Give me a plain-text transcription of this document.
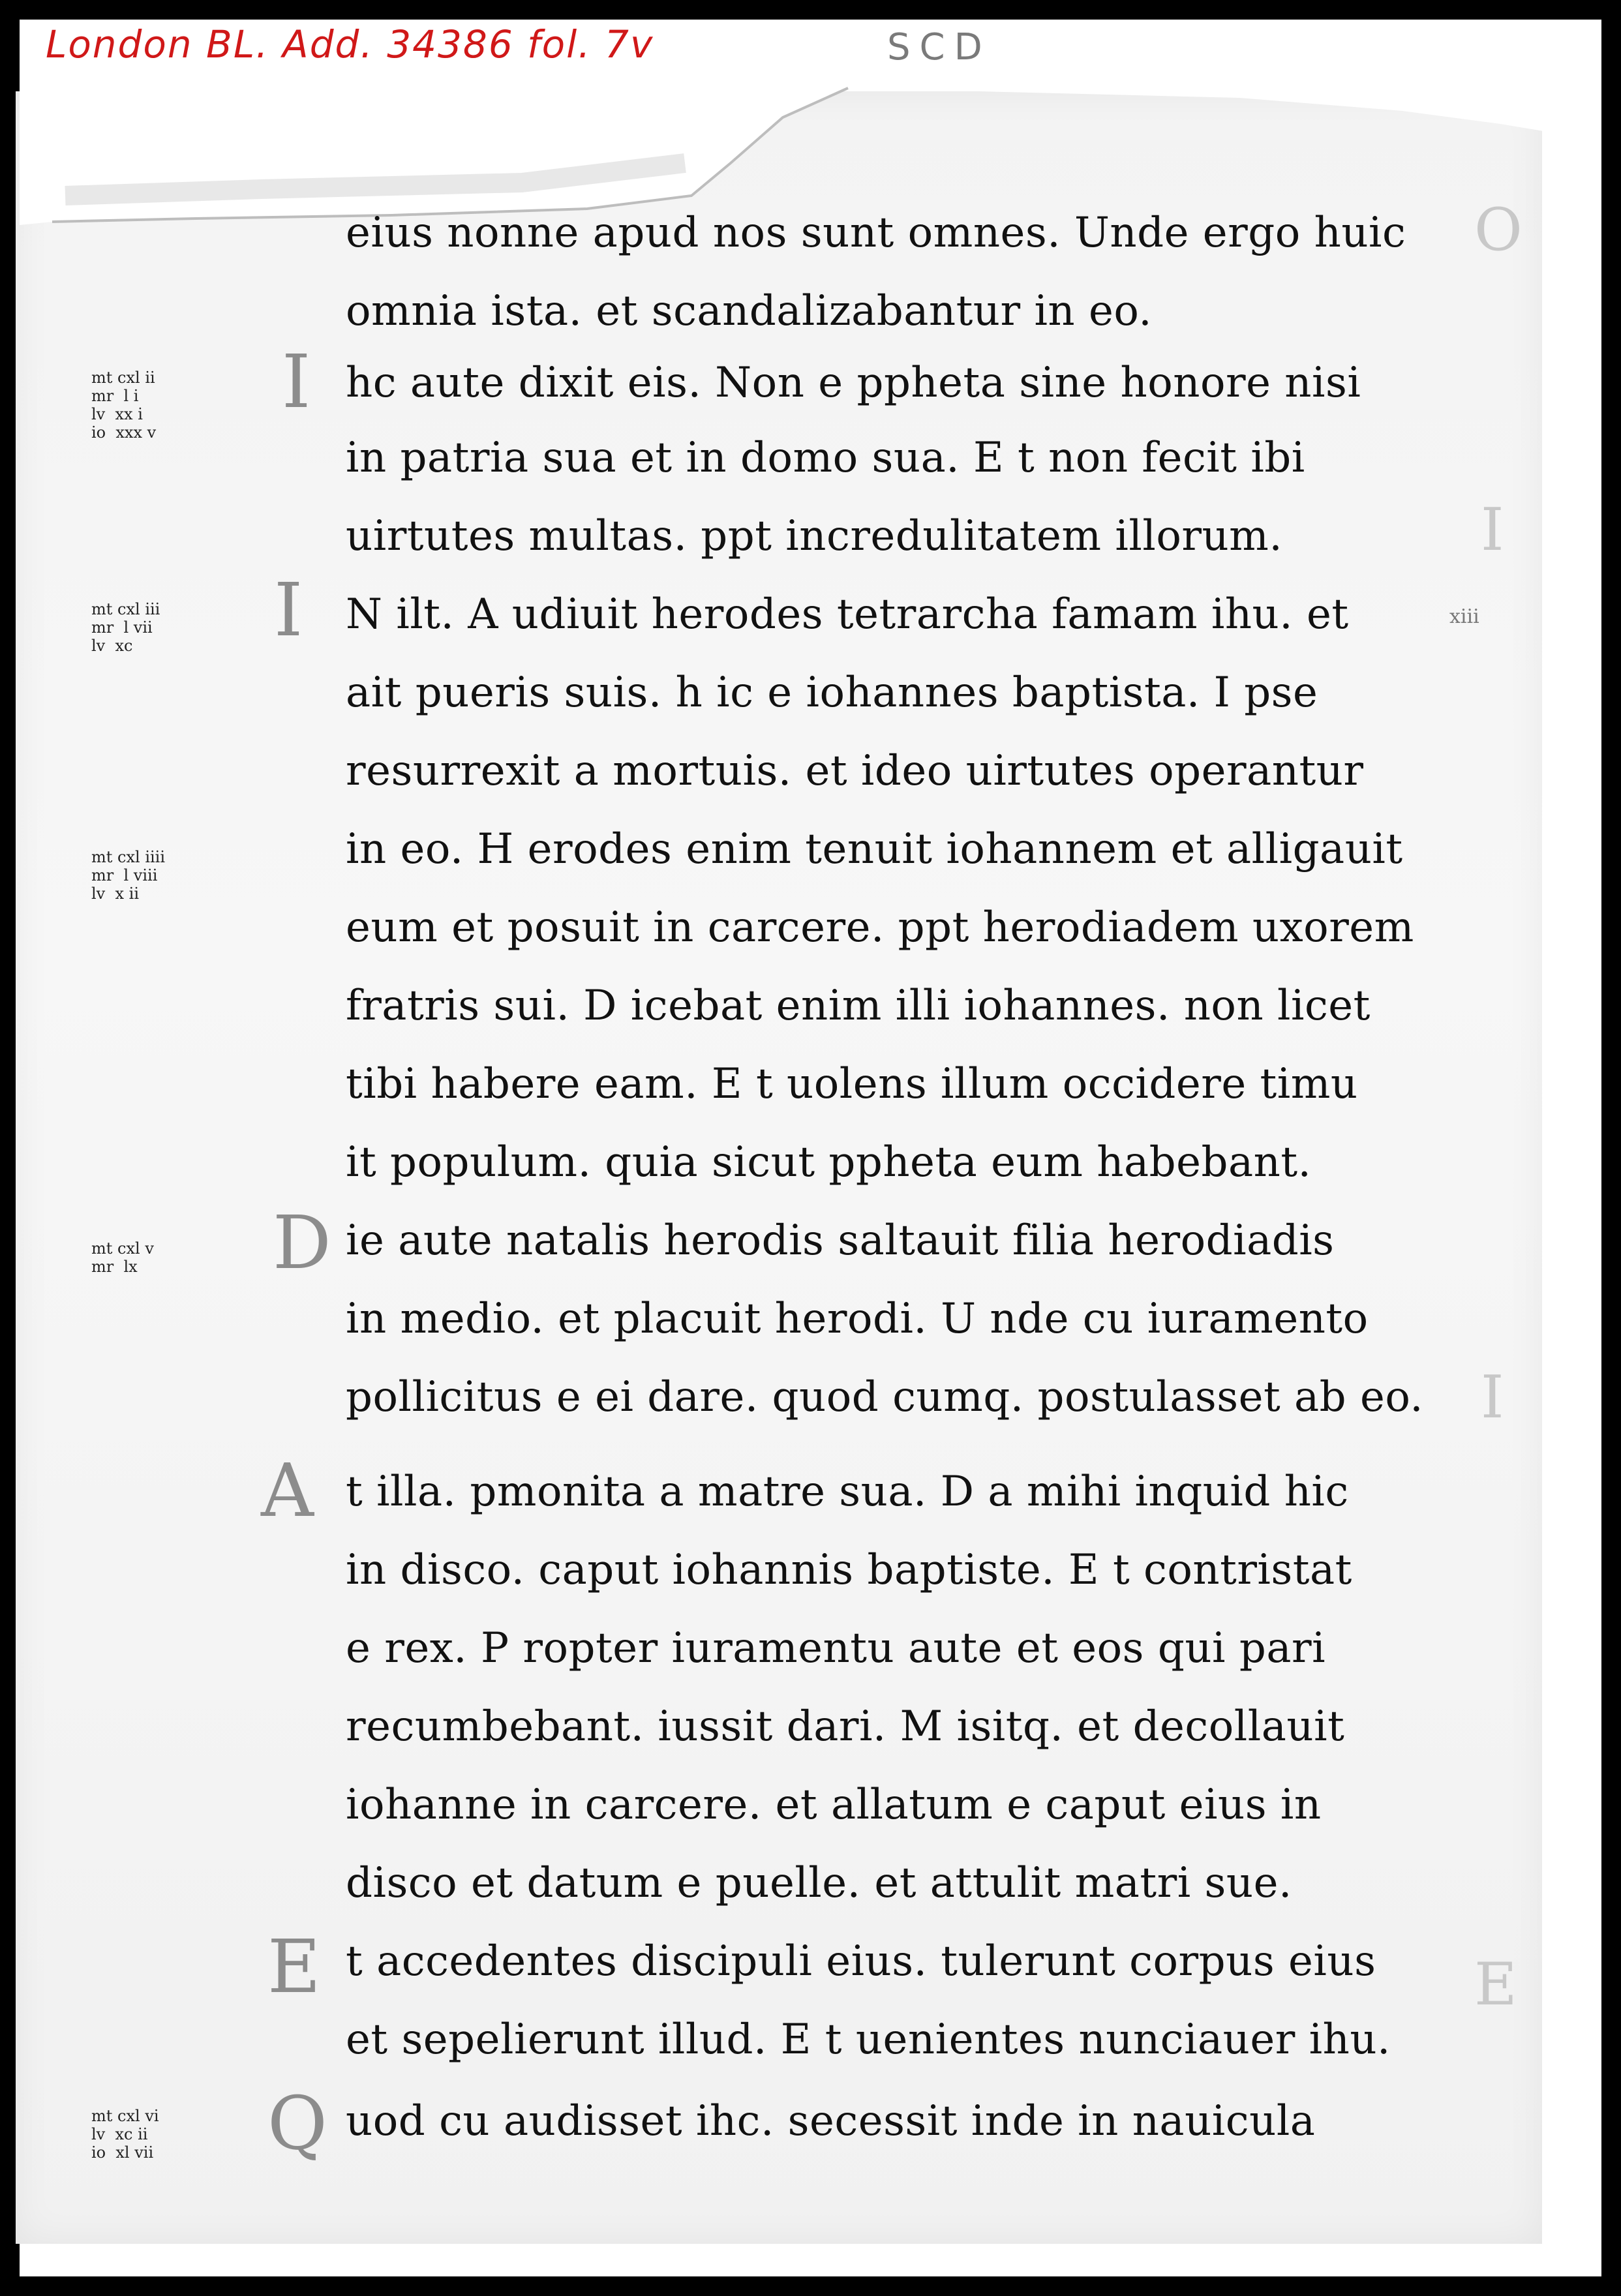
London BL. Add. 34386 fol. 7v	SCD
eius nonne apud nos sunt omnes. Unde ergo huic
omnia ista. et scandalizabantur in eo.
hc aute dixit eis. Non e ppheta sine honore nisi
in patria sua et in domo sua. E t non fecit ibi
uirtutes multas. ppt incredulitatem illorum.
N ilt. A udiuit herodes tetrarcha famam ihu. et
ait pueris suis. h ic e iohannes baptista. I pse
resurrexit a mortuis. et ideo uirtutes operantur
in eo. H erodes enim tenuit iohannem et alligauit
eum et posuit in carcere. ppt herodiadem uxorem
fratris sui. D icebat enim illi iohannes. non licet
tibi habere eam. E t uolens illum occidere timu
it populum. quia sicut ppheta eum habebant.
ie aute natalis herodis saltauit filia herodiadis
in medio. et placuit herodi. U nde cu iuramento
pollicitus e ei dare. quod cumq. postulasset ab eo.
t illa. pmonita a matre sua. D a mihi inquid hic
in disco. caput iohannis baptiste. E t contristat
e rex. P ropter iuramentu aute et eos qui pari
recumbebant. iussit dari. M isitq. et decollauit
iohanne in carcere. et allatum e caput eius in
disco et datum e puelle. et attulit matri sue.
t accedentes discipuli eius. tulerunt corpus eius
et sepelierunt illud. E t uenientes nunciauer ihu.
uod cu audisset ihc. secessit inde in nauicula
I
I
D
A
E
Q
xiii
O
I
I
E
mt cxl ii
mr  l i
lv  xx i
io  xxx v
mt cxl iii
mr  l vii
lv  xc
mt cxl iiii
mr  l viii
lv  x ii
mt cxl v
mr  lx
mt cxl vi
lv  xc ii
io  xl vii
